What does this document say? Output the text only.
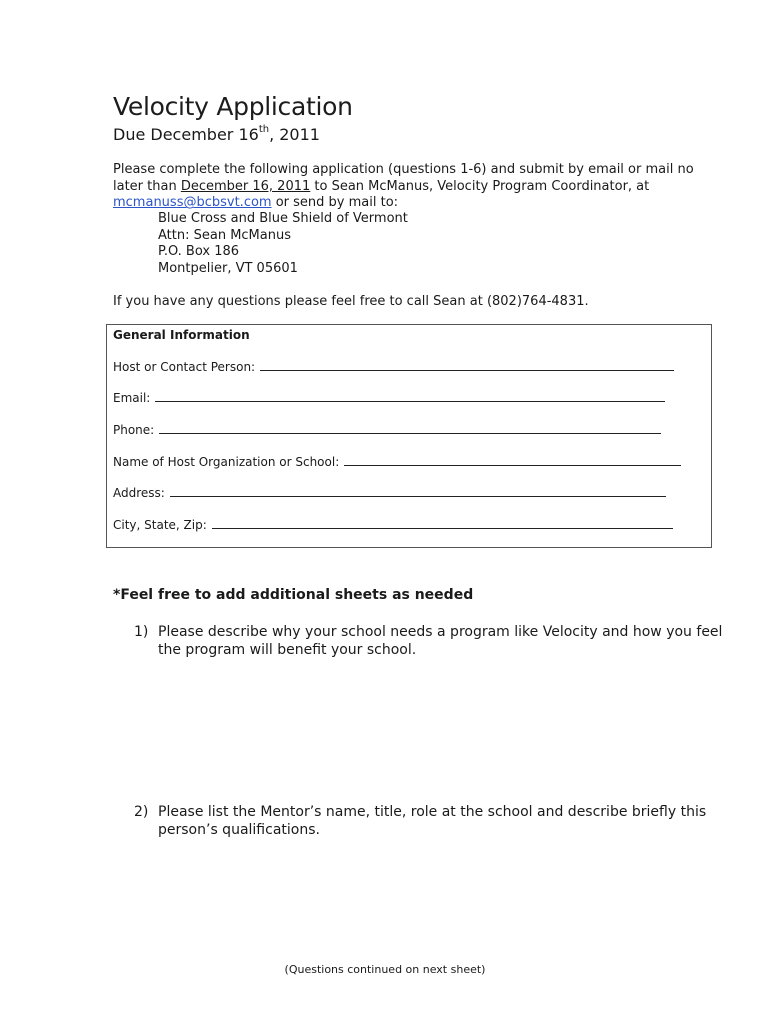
Velocity Application
Due December 16th, 2011
Please complete the following application (questions 1-6) and submit by email or mail no later than December 16, 2011 to Sean McManus, Velocity Program Coordinator, at mcmanuss@bcbsvt.com or send by mail to:
Blue Cross and Blue Shield of Vermont
Attn: Sean McManus
P.O. Box 186
Montpelier, VT 05601
If you have any questions please feel free to call Sean at (802)764-4831.
General Information
Host or Contact Person:
Email:
Phone:
Name of Host Organization or School:
Address:
City, State, Zip:
*Feel free to add additional sheets as needed
1) Please describe why your school needs a program like Velocity and how you feel
the program will benefit your school.
2) Please list the Mentor’s name, title, role at the school and describe briefly this
person’s qualifications.
(Questions continued on next sheet)
